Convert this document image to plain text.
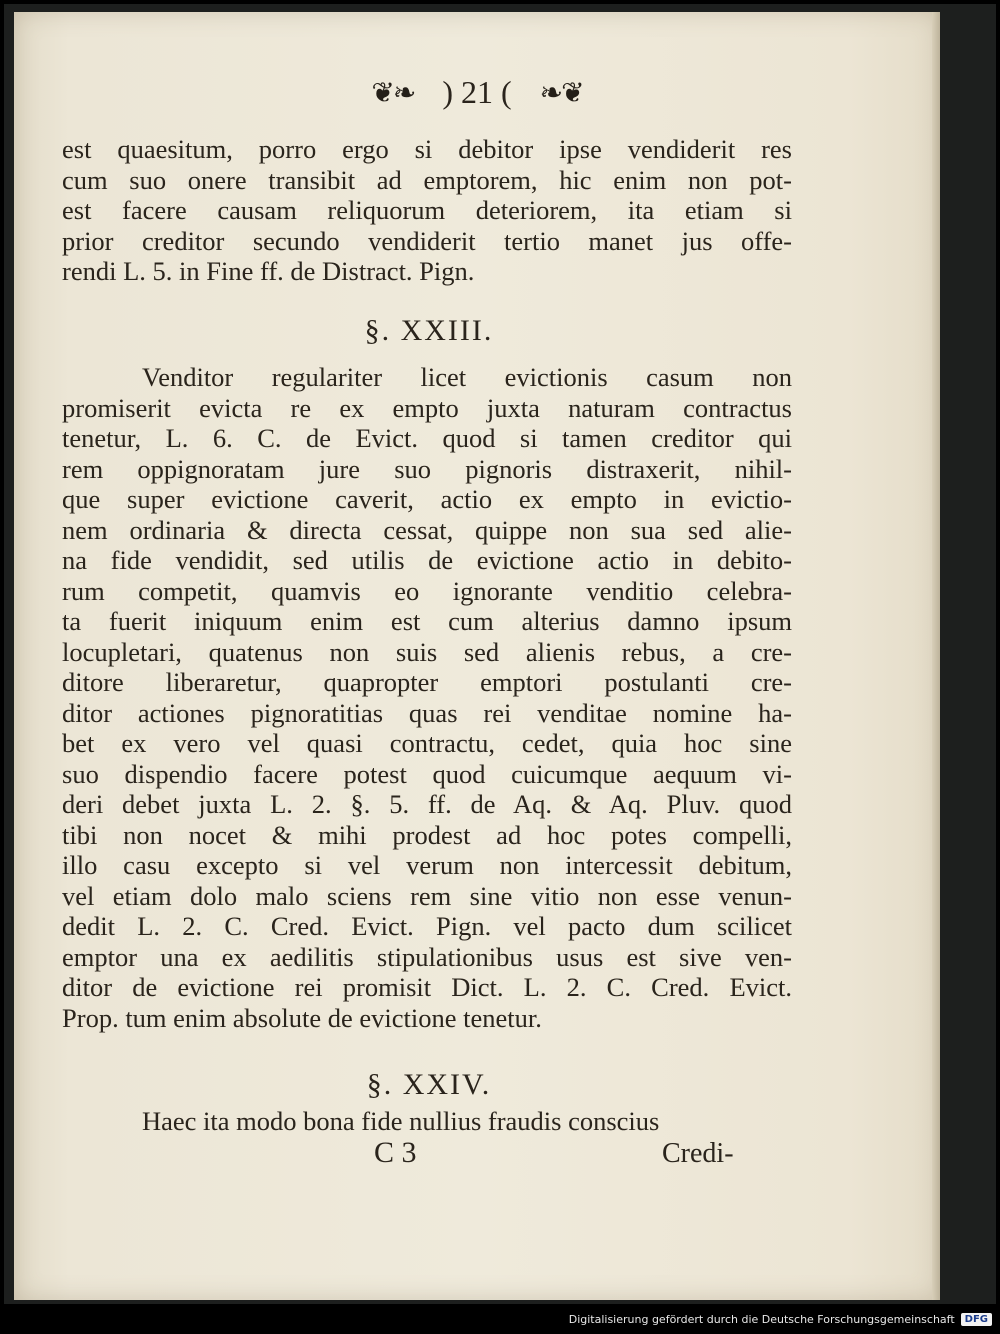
❦❧ ) 21 ( ❧❦
est quaesitum, porro ergo si debitor ipse vendiderit res
cum suo onere transibit ad emptorem, hic enim non pot-
est facere causam reliquorum deteriorem, ita etiam si
prior creditor secundo vendiderit tertio manet jus offe-
rendi L. 5. in Fine ff. de Distract. Pign.
§. XXIII.
Venditor regulariter licet evictionis casum non
promiserit evicta re ex empto juxta naturam contractus
tenetur, L. 6. C. de Evict. quod si tamen creditor qui
rem oppignoratam jure suo pignoris distraxerit, nihil-
que super evictione caverit, actio ex empto in evictio-
nem ordinaria & directa cessat, quippe non sua sed alie-
na fide vendidit, sed utilis de evictione actio in debito-
rum competit, quamvis eo ignorante venditio celebra-
ta fuerit iniquum enim est cum alterius damno ipsum
locupletari, quatenus non suis sed alienis rebus, a cre-
ditore liberaretur, quapropter emptori postulanti cre-
ditor actiones pignoratitias quas rei venditae nomine ha-
bet ex vero vel quasi contractu, cedet, quia hoc sine
suo dispendio facere potest quod cuicumque aequum vi-
deri debet juxta L. 2. §. 5. ff. de Aq. & Aq. Pluv. quod
tibi non nocet & mihi prodest ad hoc potes compelli,
illo casu excepto si vel verum non intercessit debitum,
vel etiam dolo malo sciens rem sine vitio non esse venun-
dedit L. 2. C. Cred. Evict. Pign. vel pacto dum scilicet
emptor una ex aedilitis stipulationibus usus est sive ven-
ditor de evictione rei promisit Dict. L. 2. C. Cred. Evict.
Prop. tum enim absolute de evictione tenetur.
§. XXIV.
Haec ita modo bona fide nullius fraudis conscius
C 3	Credi-
Digitalisierung gefördert durch die Deutsche Forschungsgemeinschaft	DFG
